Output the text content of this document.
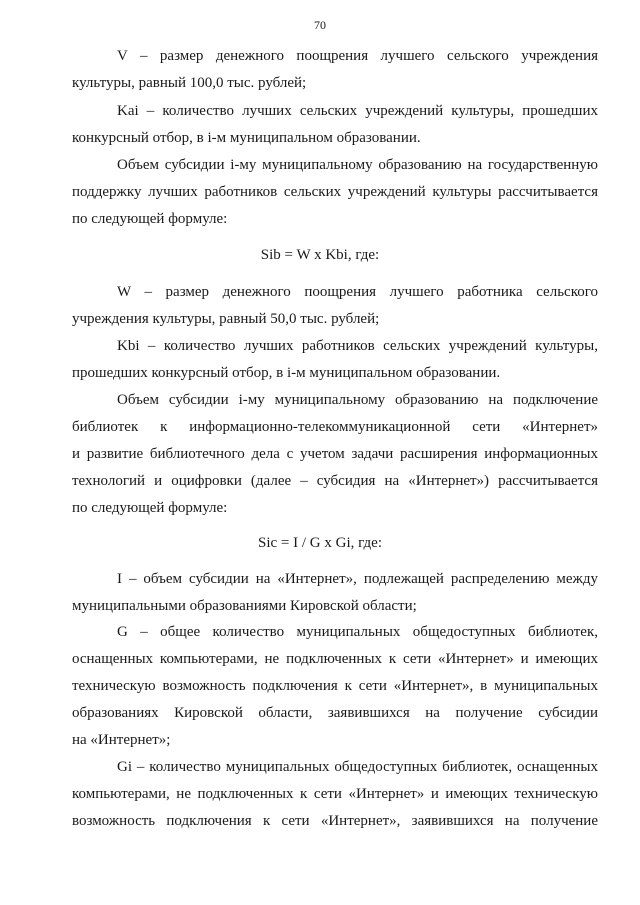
70
V – размер денежного поощрения лучшего сельского учреждения
культуры, равный 100,0 тыс. рублей;
Kai – количество лучших сельских учреждений культуры, прошедших
конкурсный отбор, в i-м муниципальном образовании.
Объем субсидии i-му муниципальному образованию на государственную
поддержку лучших работников сельских учреждений культуры рассчитывается
по следующей формуле:
Sib = W x Kbi, где:
W – размер денежного поощрения лучшего работника сельского
учреждения культуры, равный 50,0 тыс. рублей;
Kbi – количество лучших работников сельских учреждений культуры,
прошедших конкурсный отбор, в i-м муниципальном образовании.
Объем субсидии i-му муниципальному образованию на подключение
библиотек к информационно-телекоммуникационной сети «Интернет»
и развитие библиотечного дела с учетом задачи расширения информационных
технологий и оцифровки (далее – субсидия на «Интернет») рассчитывается
по следующей формуле:
Sic = I / G x Gi, где:
I – объем субсидии на «Интернет», подлежащей распределению между
муниципальными образованиями Кировской области;
G – общее количество муниципальных общедоступных библиотек,
оснащенных компьютерами, не подключенных к сети «Интернет» и имеющих
техническую возможность подключения к сети «Интернет», в муниципальных
образованиях Кировской области, заявившихся на получение субсидии
на «Интернет»;
Gi – количество муниципальных общедоступных библиотек, оснащенных
компьютерами, не подключенных к сети «Интернет» и имеющих техническую
возможность подключения к сети «Интернет», заявившихся на получение
